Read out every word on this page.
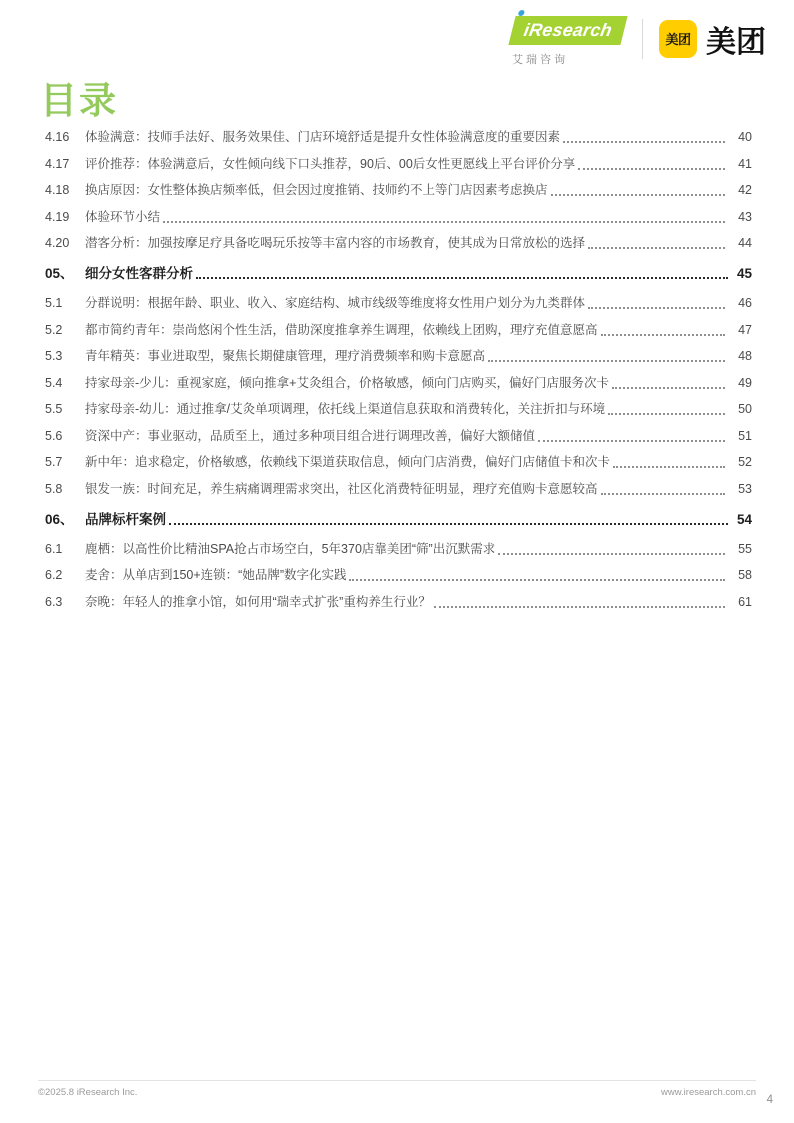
iResearch
艾 瑞 咨 询
美团 美团
目录
4.16	体验满意：技师手法好、服务效果佳、门店环境舒适是提升女性体验满意度的重要因素	40
4.17	评价推荐：体验满意后，女性倾向线下口头推荐，90后、00后女性更愿线上平台评价分享	41
4.18	换店原因：女性整体换店频率低，但会因过度推销、技师约不上等门店因素考虑换店	42
4.19	体验环节小结	43
4.20	潜客分析：加强按摩足疗具备吃喝玩乐按等丰富内容的市场教育，使其成为日常放松的选择	44
05、 细分女性客群分析	45
5.1	分群说明：根据年龄、职业、收入、家庭结构、城市线级等维度将女性用户划分为九类群体	46
5.2	都市简约青年：崇尚悠闲个性生活，借助深度推拿养生调理，依赖线上团购，理疗充值意愿高	47
5.3	青年精英：事业进取型，聚焦长期健康管理，理疗消费频率和购卡意愿高	48
5.4	持家母亲-少儿：重视家庭，倾向推拿+艾灸组合，价格敏感，倾向门店购买，偏好门店服务次卡	49
5.5	持家母亲-幼儿：通过推拿/艾灸单项调理，依托线上渠道信息获取和消费转化，关注折扣与环境	50
5.6	资深中产：事业驱动，品质至上，通过多种项目组合进行调理改善，偏好大额储值	51
5.7	新中年：追求稳定，价格敏感，依赖线下渠道获取信息，倾向门店消费，偏好门店储值卡和次卡	52
5.8	银发一族：时间充足，养生病痛调理需求突出，社区化消费特征明显，理疗充值购卡意愿较高	53
06、 品牌标杆案例	54
6.1	鹿栖：以高性价比精油SPA抢占市场空白，5年370店靠美团“筛”出沉默需求	55
6.2	麦舍：从单店到150+连锁：“她品牌”数字化实践	58
6.3	奈晚：年轻人的推拿小馆，如何用“瑞幸式扩张”重构养生行业？	61
©2025.8 iResearch Inc.	www.iresearch.com.cn
4
